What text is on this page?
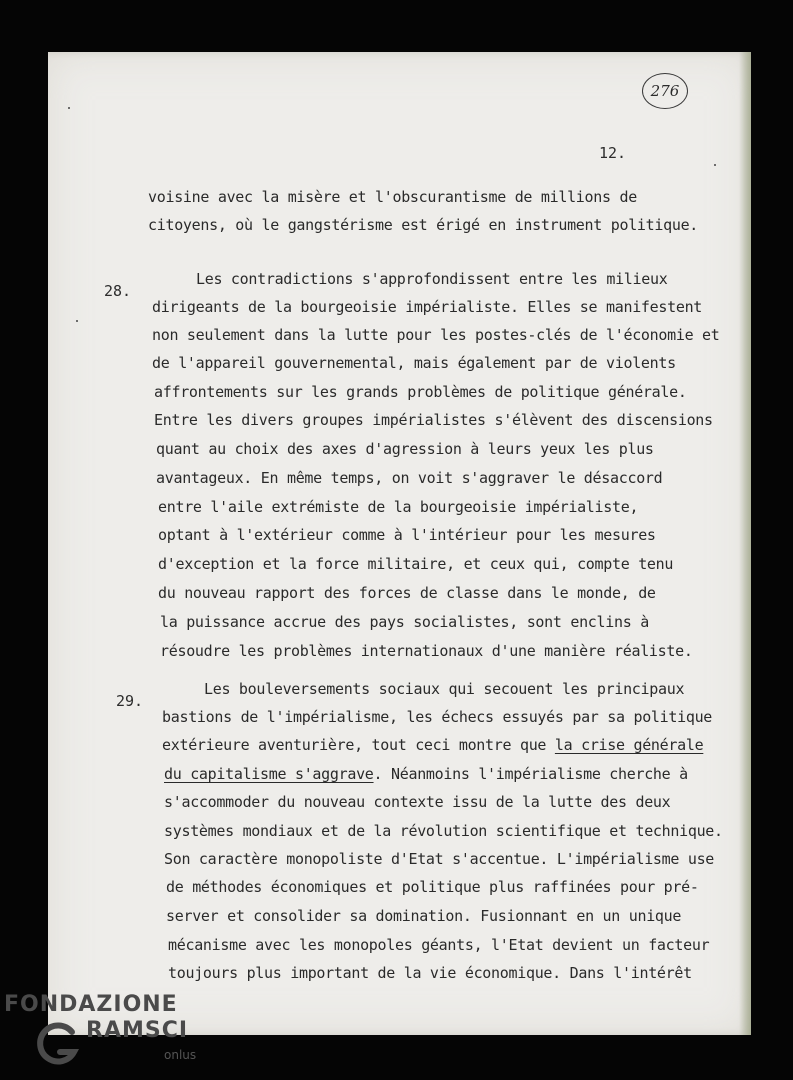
276
12.
voisine avec la misère et l'obscurantisme de millions de
citoyens, où le gangstérisme est érigé en instrument politique.
28.
Les contradictions s'approfondissent entre les milieux
dirigeants de la bourgeoisie impérialiste. Elles se manifestent
non seulement dans la lutte pour les postes-clés de l'économie et
de l'appareil gouvernemental, mais également par de violents
affrontements sur les grands problèmes de politique générale.
Entre les divers groupes impérialistes s'élèvent des discensions
quant au choix des axes d'agression à leurs yeux les plus
avantageux. En même temps, on voit s'aggraver le désaccord
entre l'aile extrémiste de la bourgeoisie impérialiste,
optant à l'extérieur comme à l'intérieur pour les mesures
d'exception et la force militaire, et ceux qui, compte tenu
du nouveau rapport des forces de classe dans le monde, de
la puissance accrue des pays socialistes, sont enclins à
résoudre les problèmes internationaux d'une manière réaliste.
29.
Les bouleversements sociaux qui secouent les principaux
bastions de l'impérialisme, les échecs essuyés par sa politique
extérieure aventurière, tout ceci montre que la crise générale
du capitalisme s'aggrave. Néanmoins l'impérialisme cherche à
s'accommoder du nouveau contexte issu de la lutte des deux
systèmes mondiaux et de la révolution scientifique et technique.
Son caractère monopoliste d'Etat s'accentue. L'impérialisme use
de méthodes économiques et politique plus raffinées pour pré-
server et consolider sa domination. Fusionnant en un unique
mécanisme avec les monopoles géants, l'Etat devient un facteur
toujours plus important de la vie économique. Dans l'intérêt
FONDAZIONE
RAMSCI
onlus
